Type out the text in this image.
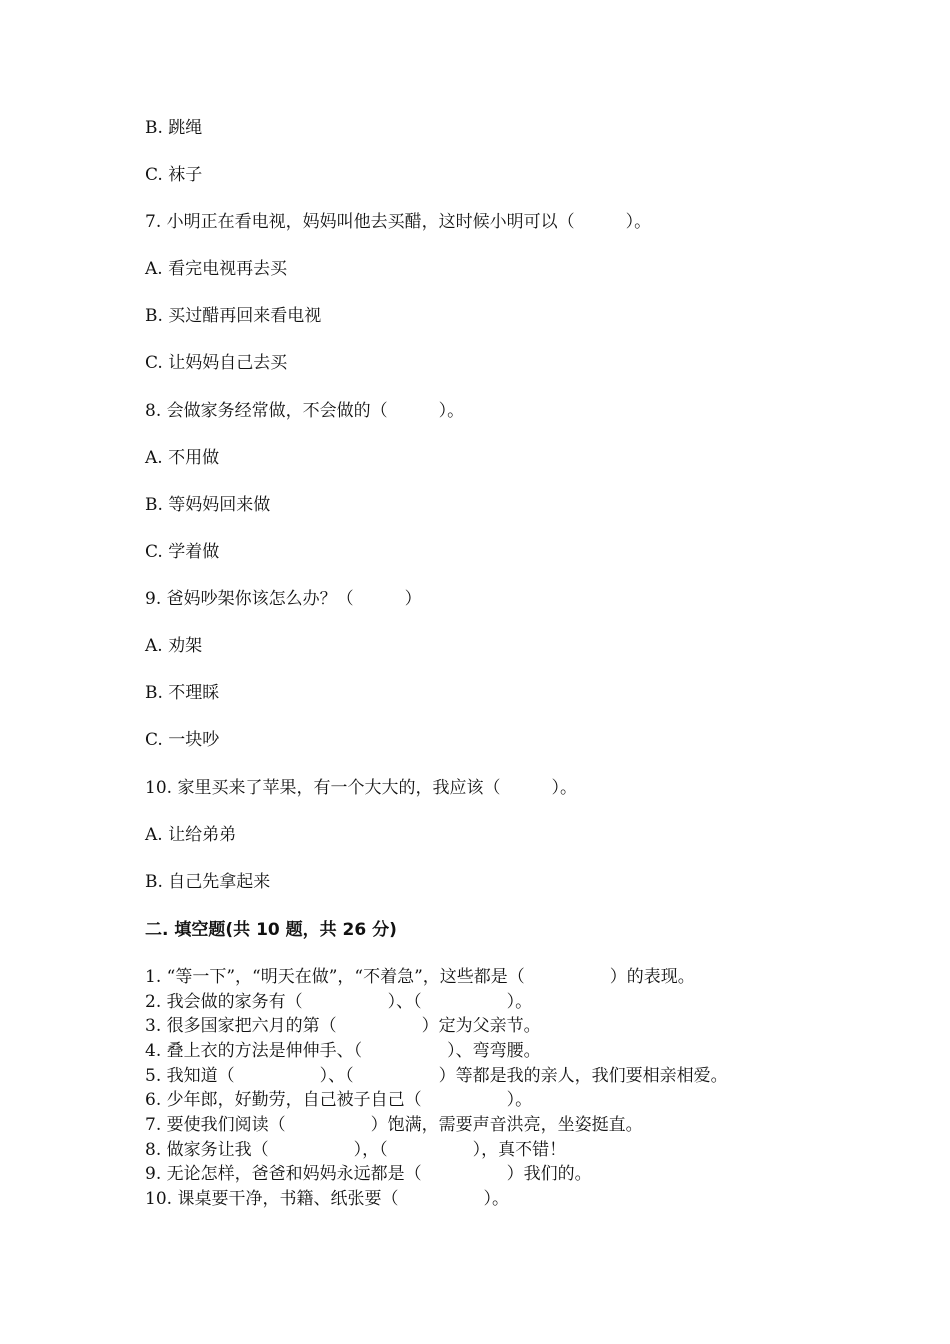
B. 跳绳
C. 袜子
7. 小明正在看电视，妈妈叫他去买醋，这时候小明可以（　　　）。
A. 看完电视再去买
B. 买过醋再回来看电视
C. 让妈妈自己去买
8. 会做家务经常做，不会做的（　　　）。
A. 不用做
B. 等妈妈回来做
C. 学着做
9. 爸妈吵架你该怎么办？（　　　）
A. 劝架
B. 不理睬
C. 一块吵
10. 家里买来了苹果，有一个大大的，我应该（　　　）。
A. 让给弟弟
B. 自己先拿起来
二. 填空题(共 10 题，共 26 分)
1. “等一下”，“明天在做”，“不着急”，这些都是（　　　　　）的表现。
2. 我会做的家务有（　　　　　）、（　　　　　）。
3. 很多国家把六月的第（　　　　　）定为父亲节。
4. 叠上衣的方法是伸伸手、（　　　　　）、弯弯腰。
5. 我知道（　　　　　）、（　　　　　）等都是我的亲人，我们要相亲相爱。
6. 少年郎，好勤劳，自己被子自己（　　　　　）。
7. 要使我们阅读（　　　　　）饱满，需要声音洪亮，坐姿挺直。
8. 做家务让我（　　　　　），（　　　　　），真不错！
9. 无论怎样，爸爸和妈妈永远都是（　　　　　）我们的。
10. 课桌要干净，书籍、纸张要（　　　　　）。
